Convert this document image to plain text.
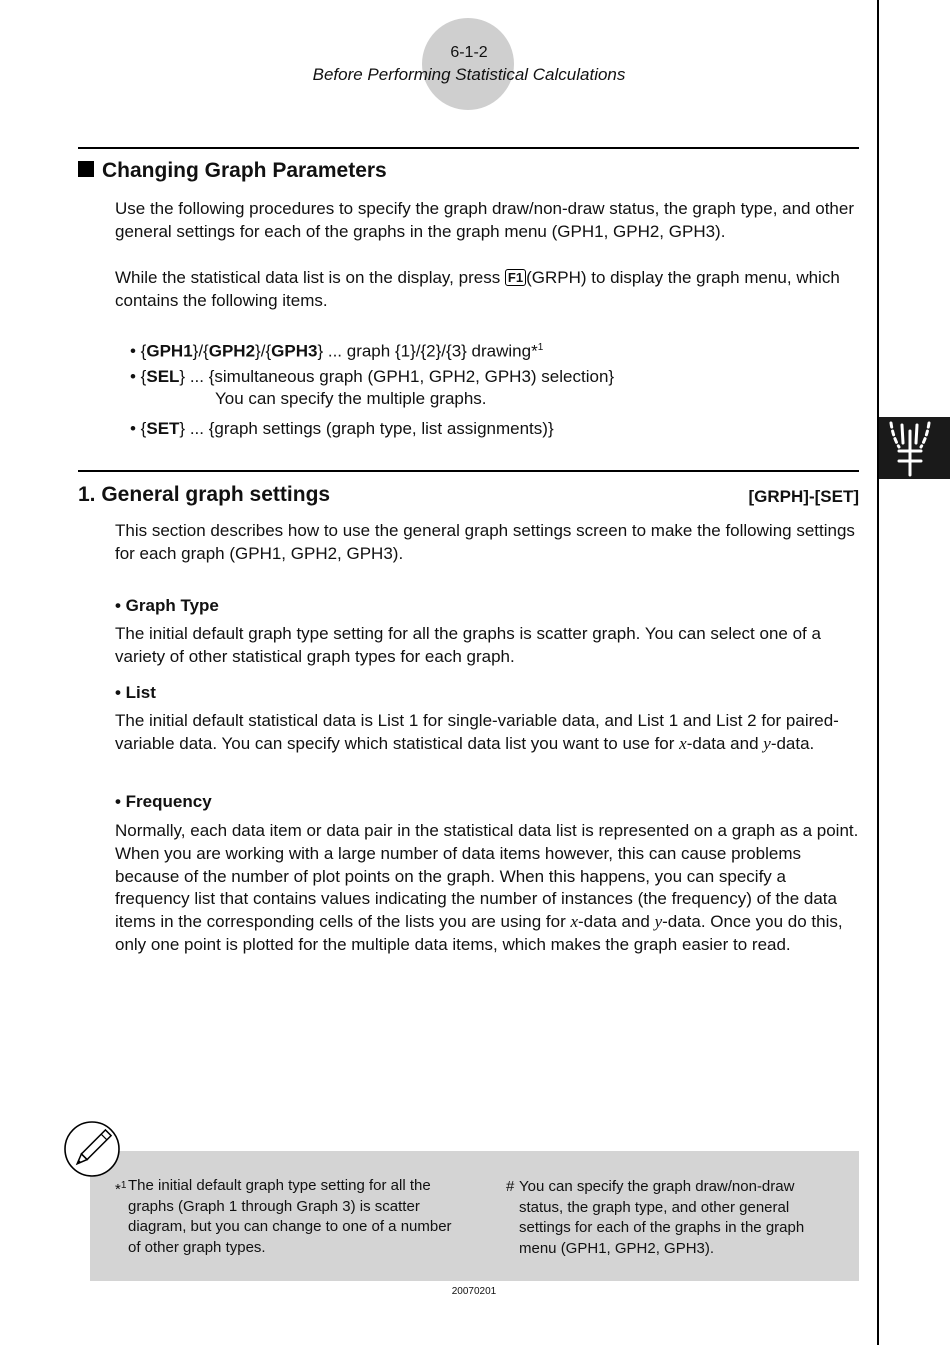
6-1-2
Before Performing Statistical Calculations
Changing Graph Parameters
Use the following procedures to specify the graph draw/non-draw status, the graph type, and other general settings for each of the graphs in the graph menu (GPH1, GPH2, GPH3).
While the statistical data list is on the display, press F1 (GRPH) to display the graph menu, which contains the following items.
• {GPH1}/{GPH2}/{GPH3} ... graph {1}/{2}/{3} drawing*$^1$
• {SEL} ... {simultaneous graph (GPH1, GPH2, GPH3) selection}
You can specify the multiple graphs.
• {SET} ... {graph settings (graph type, list assignments)}
1. General graph settings	[GRPH]-[SET]
This section describes how to use the general graph settings screen to make the following settings for each graph (GPH1, GPH2, GPH3).
• Graph Type
The initial default graph type setting for all the graphs is scatter graph. You can select one of a variety of other statistical graph types for each graph.
• List
The initial default statistical data is List 1 for single-variable data, and List 1 and List 2 for paired-variable data. You can specify which statistical data list you want to use for x-data and y-data.
• Frequency
Normally, each data item or data pair in the statistical data list is represented on a graph as a point. When you are working with a large number of data items however, this can cause problems because of the number of plot points on the graph. When this happens, you can specify a frequency list that contains values indicating the number of instances (the frequency) of the data items in the corresponding cells of the lists you are using for x-data and y-data. Once you do this, only one point is plotted for the multiple data items, which makes the graph easier to read.
*$^1$ The initial default graph type setting for all the graphs (Graph 1 through Graph 3) is scatter diagram, but you can change to one of a number of other graph types.
# You can specify the graph draw/non-draw status, the graph type, and other general settings for each of the graphs in the graph menu (GPH1, GPH2, GPH3).
20070201
